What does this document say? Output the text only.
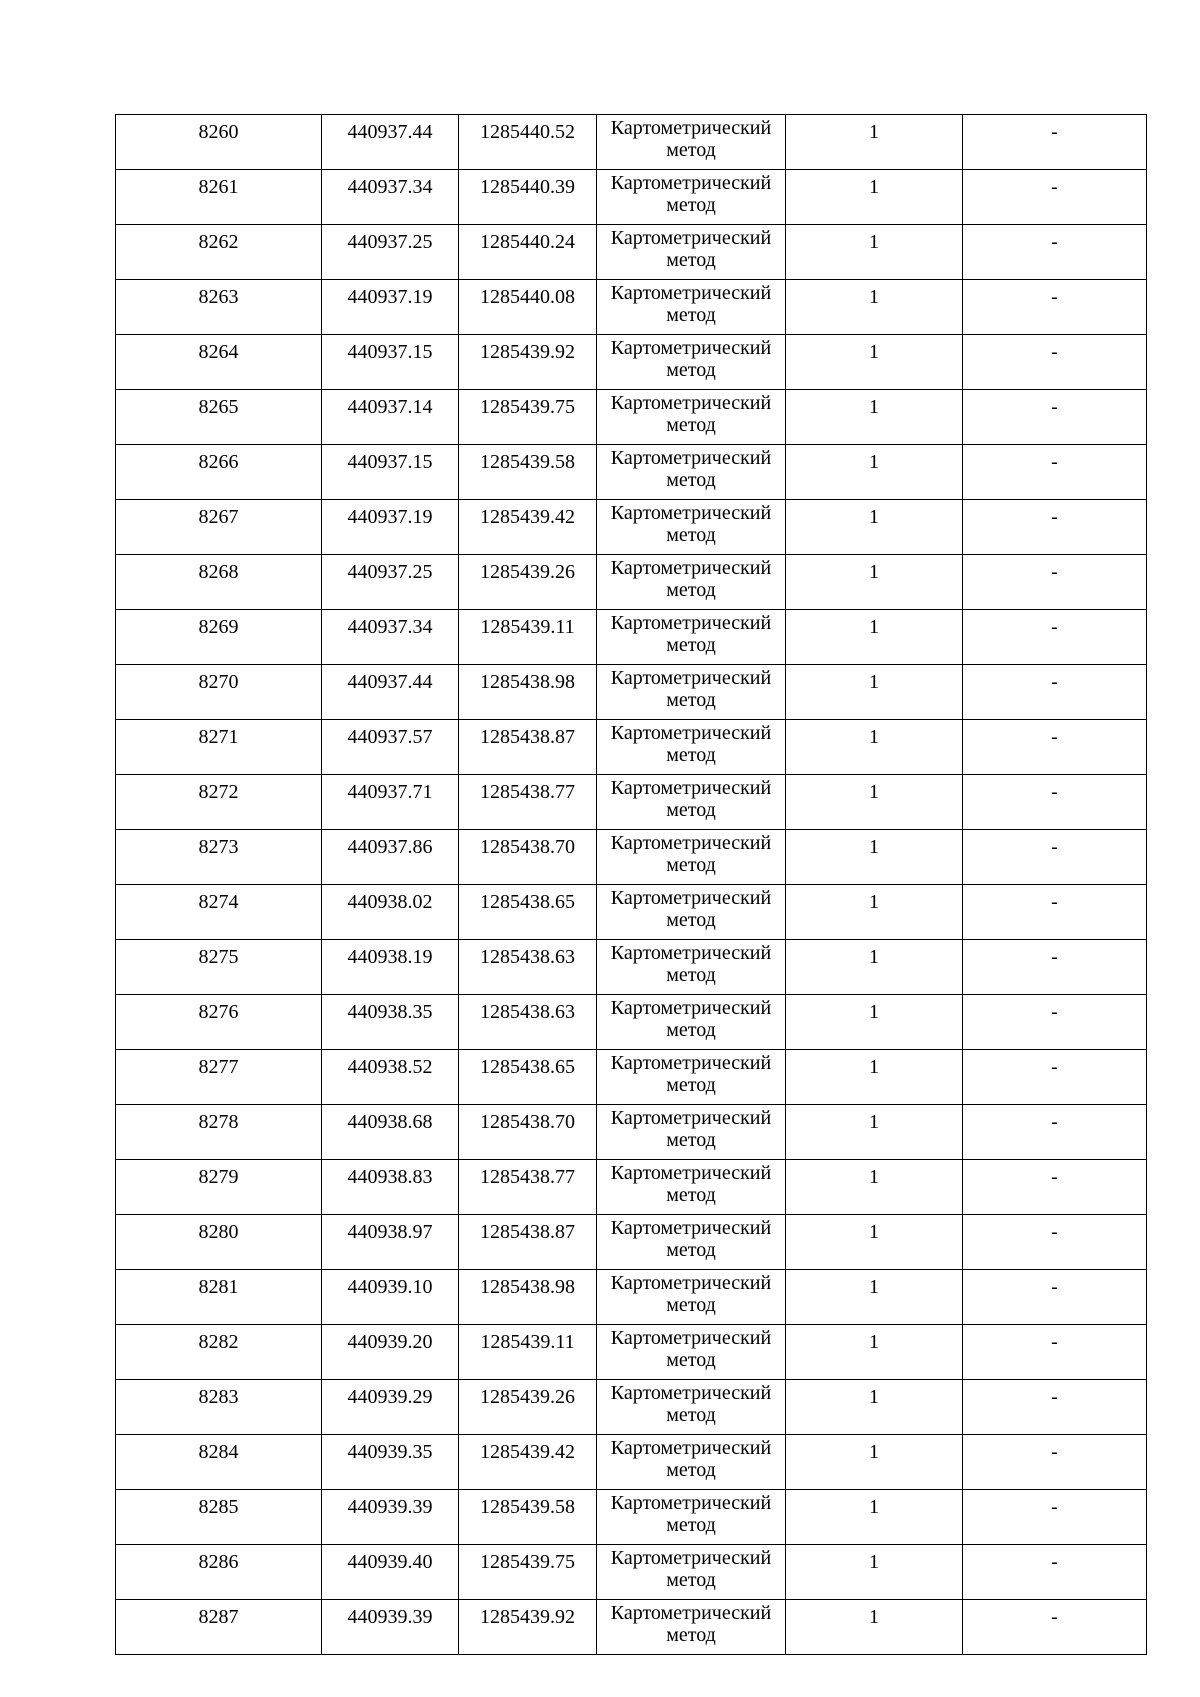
8260	440937.44	1285440.52	Картометрический
метод	1	-
8261	440937.34	1285440.39	Картометрический
метод	1	-
8262	440937.25	1285440.24	Картометрический
метод	1	-
8263	440937.19	1285440.08	Картометрический
метод	1	-
8264	440937.15	1285439.92	Картометрический
метод	1	-
8265	440937.14	1285439.75	Картометрический
метод	1	-
8266	440937.15	1285439.58	Картометрический
метод	1	-
8267	440937.19	1285439.42	Картометрический
метод	1	-
8268	440937.25	1285439.26	Картометрический
метод	1	-
8269	440937.34	1285439.11	Картометрический
метод	1	-
8270	440937.44	1285438.98	Картометрический
метод	1	-
8271	440937.57	1285438.87	Картометрический
метод	1	-
8272	440937.71	1285438.77	Картометрический
метод	1	-
8273	440937.86	1285438.70	Картометрический
метод	1	-
8274	440938.02	1285438.65	Картометрический
метод	1	-
8275	440938.19	1285438.63	Картометрический
метод	1	-
8276	440938.35	1285438.63	Картометрический
метод	1	-
8277	440938.52	1285438.65	Картометрический
метод	1	-
8278	440938.68	1285438.70	Картометрический
метод	1	-
8279	440938.83	1285438.77	Картометрический
метод	1	-
8280	440938.97	1285438.87	Картометрический
метод	1	-
8281	440939.10	1285438.98	Картометрический
метод	1	-
8282	440939.20	1285439.11	Картометрический
метод	1	-
8283	440939.29	1285439.26	Картометрический
метод	1	-
8284	440939.35	1285439.42	Картометрический
метод	1	-
8285	440939.39	1285439.58	Картометрический
метод	1	-
8286	440939.40	1285439.75	Картометрический
метод	1	-
8287	440939.39	1285439.92	Картометрический
метод	1	-
